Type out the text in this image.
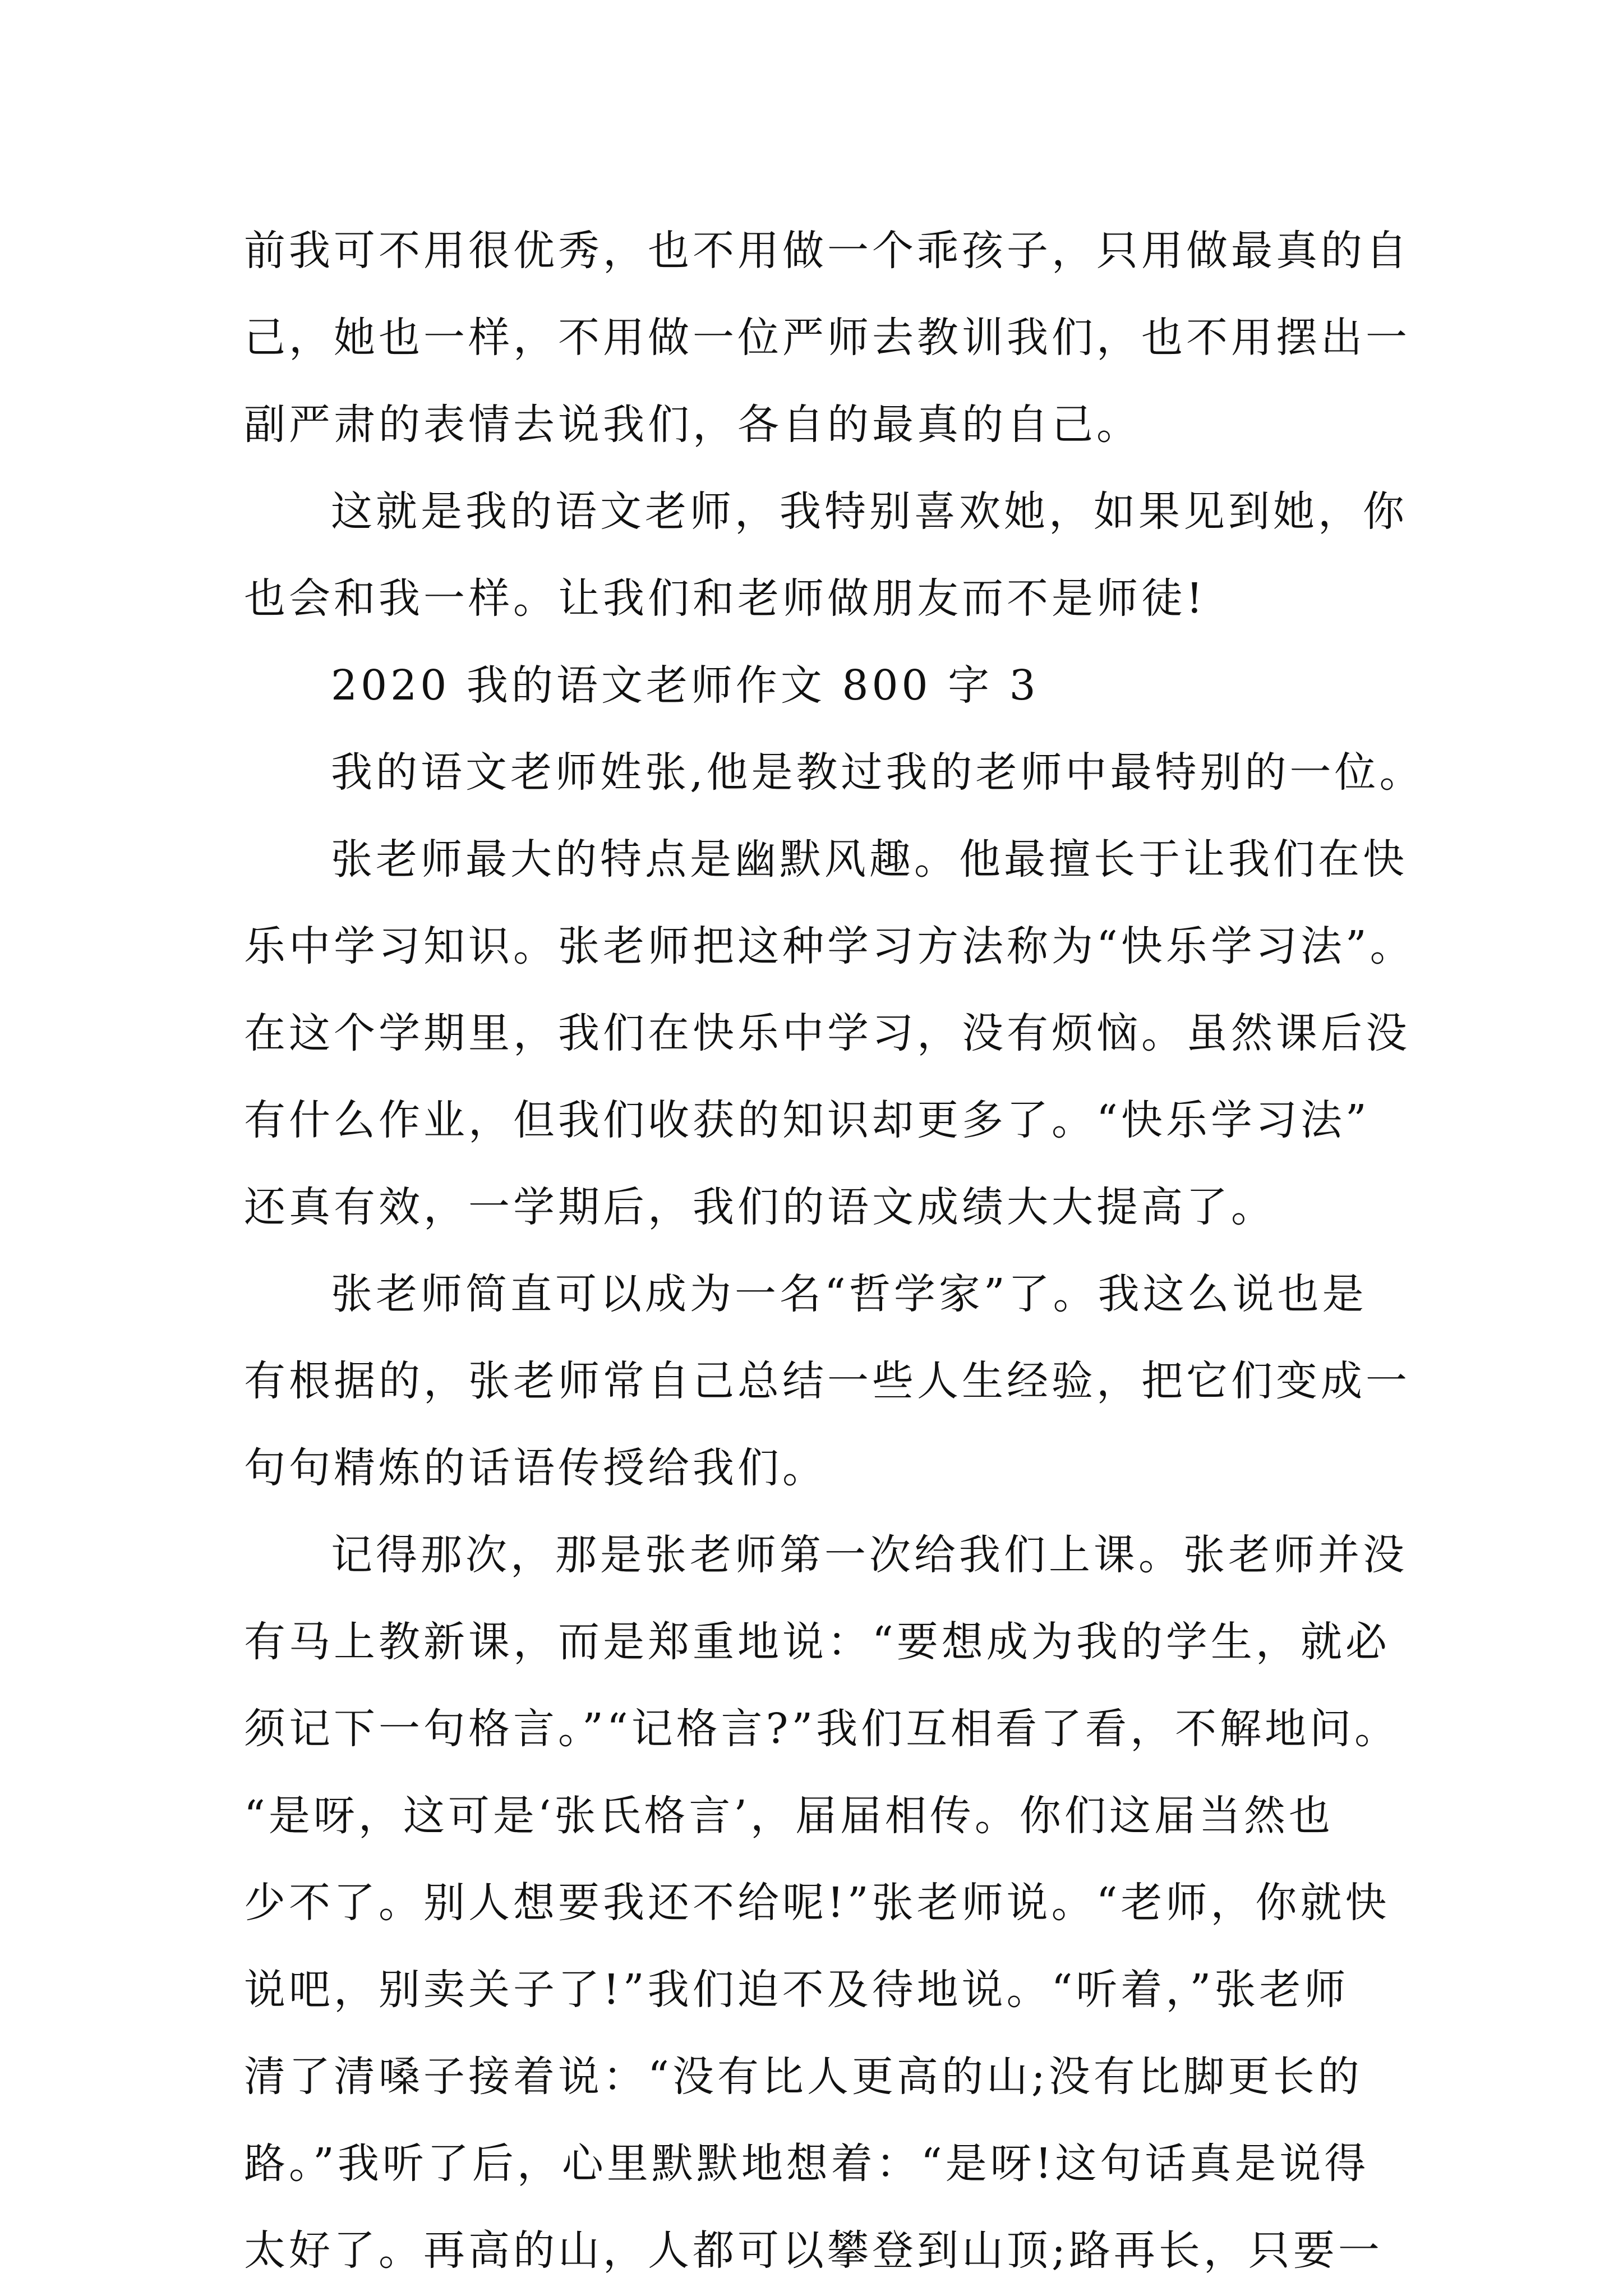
前我可不用很优秀，也不用做一个乖孩子，只用做最真的自
己，她也一样，不用做一位严师去教训我们，也不用摆出一
副严肃的表情去说我们，各自的最真的自己。
这就是我的语文老师，我特别喜欢她，如果见到她，你
也会和我一样。让我们和老师做朋友而不是师徒!
2020 我的语文老师作文 800 字 3
我的语文老师姓张,他是教过我的老师中最特别的一位。
张老师最大的特点是幽默风趣。他最擅长于让我们在快
乐中学习知识。张老师把这种学习方法称为“快乐学习法”。
在这个学期里，我们在快乐中学习，没有烦恼。虽然课后没
有什么作业，但我们收获的知识却更多了。“快乐学习法”
还真有效，一学期后，我们的语文成绩大大提高了。
张老师简直可以成为一名“哲学家”了。我这么说也是
有根据的，张老师常自己总结一些人生经验，把它们变成一
句句精炼的话语传授给我们。
记得那次，那是张老师第一次给我们上课。张老师并没
有马上教新课，而是郑重地说：“要想成为我的学生，就必
须记下一句格言。”“记格言?”我们互相看了看，不解地问。
“是呀，这可是‘张氏格言’，届届相传。你们这届当然也
少不了。别人想要我还不给呢!”张老师说。“老师，你就快
说吧，别卖关子了!”我们迫不及待地说。“听着，”张老师
清了清嗓子接着说：“没有比人更高的山;没有比脚更长的
路。”我听了后，心里默默地想着：“是呀!这句话真是说得
太好了。再高的山，人都可以攀登到山顶;路再长，只要一
